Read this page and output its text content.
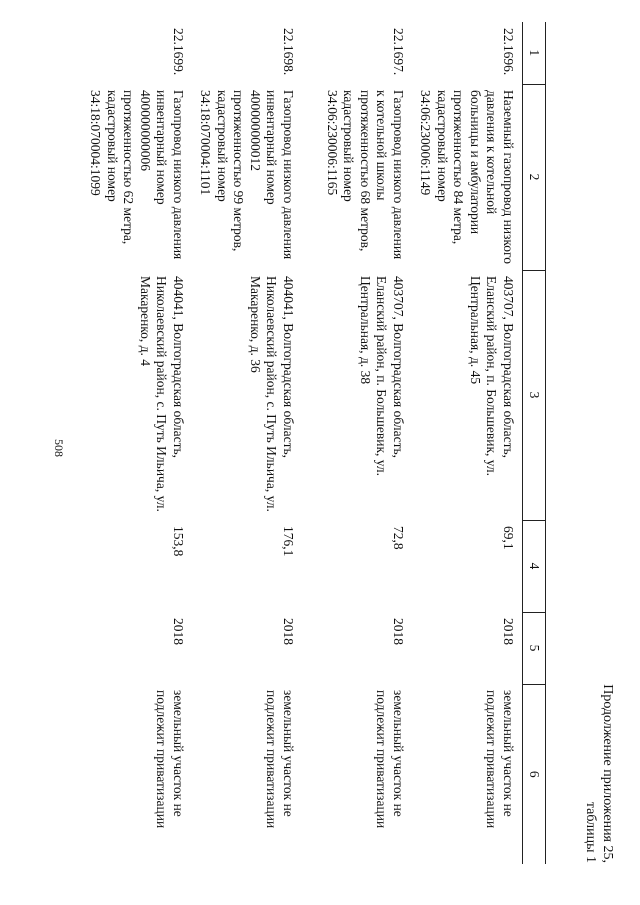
508
Продолжение приложения 25,
таблицы 1
1	2	3	4	5	6
22.1696.	Наземный газопровод низкого давления к котельной больницы и амбулатории протяженностью 84 метра, кадастровый номер 34:06:230006:1149	403707, Волгоградская область, Еланский район, п. Большевик, ул. Центральная, д. 45	69,1	2018	земельный участок не подлежит приватизации
22.1697.	Газопровод низкого давления к котельной школы протяженностью 68 метров, кадастровый номер 34:06:230006:1165	403707, Волгоградская область, Еланский район, п. Большевик, ул. Центральная, д. 38	72,8	2018	земельный участок не подлежит приватизации
22.1698.	Газопровод низкого давления инвентарный номер 400000000012 протяженностью 99 метров, кадастровый номер 34:18:070004:1101	404041, Волгоградская область, Николаевский район, с. Путь Ильича, ул. Макаренко, д. 36	176,1	2018	земельный участок не подлежит приватизации
22.1699.	Газопровод низкого давления инвентарный номер 400000000006 протяженностью 62 метра, кадастровый номер 34:18:070004:1099	404041, Волгоградская область, Николаевский район, с. Путь Ильича, ул. Макаренко, д. 4	153,8	2018	земельный участок не подлежит приватизации
